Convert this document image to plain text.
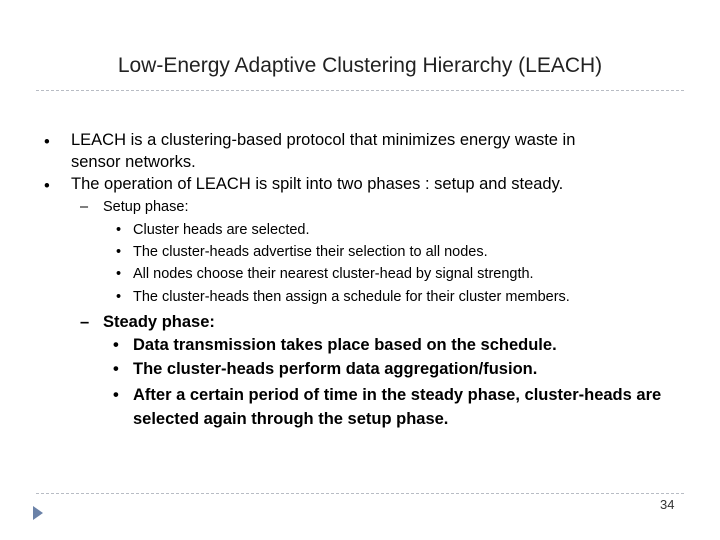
Low-Energy Adaptive Clustering Hierarchy (LEACH)
• LEACH is a clustering-based protocol that minimizes energy waste in
sensor networks.
• The operation of LEACH is spilt into two phases : setup and steady.
– Setup phase:
• Cluster heads are selected.
• The cluster-heads advertise their selection to all nodes.
• All nodes choose their nearest cluster-head by signal strength.
• The cluster-heads then assign a schedule for their cluster members.
– Steady phase:
• Data transmission takes place based on the schedule.
• The cluster-heads perform data aggregation/fusion.
• After a certain period of time in the steady phase, cluster-heads are
selected again through the setup phase.
34
